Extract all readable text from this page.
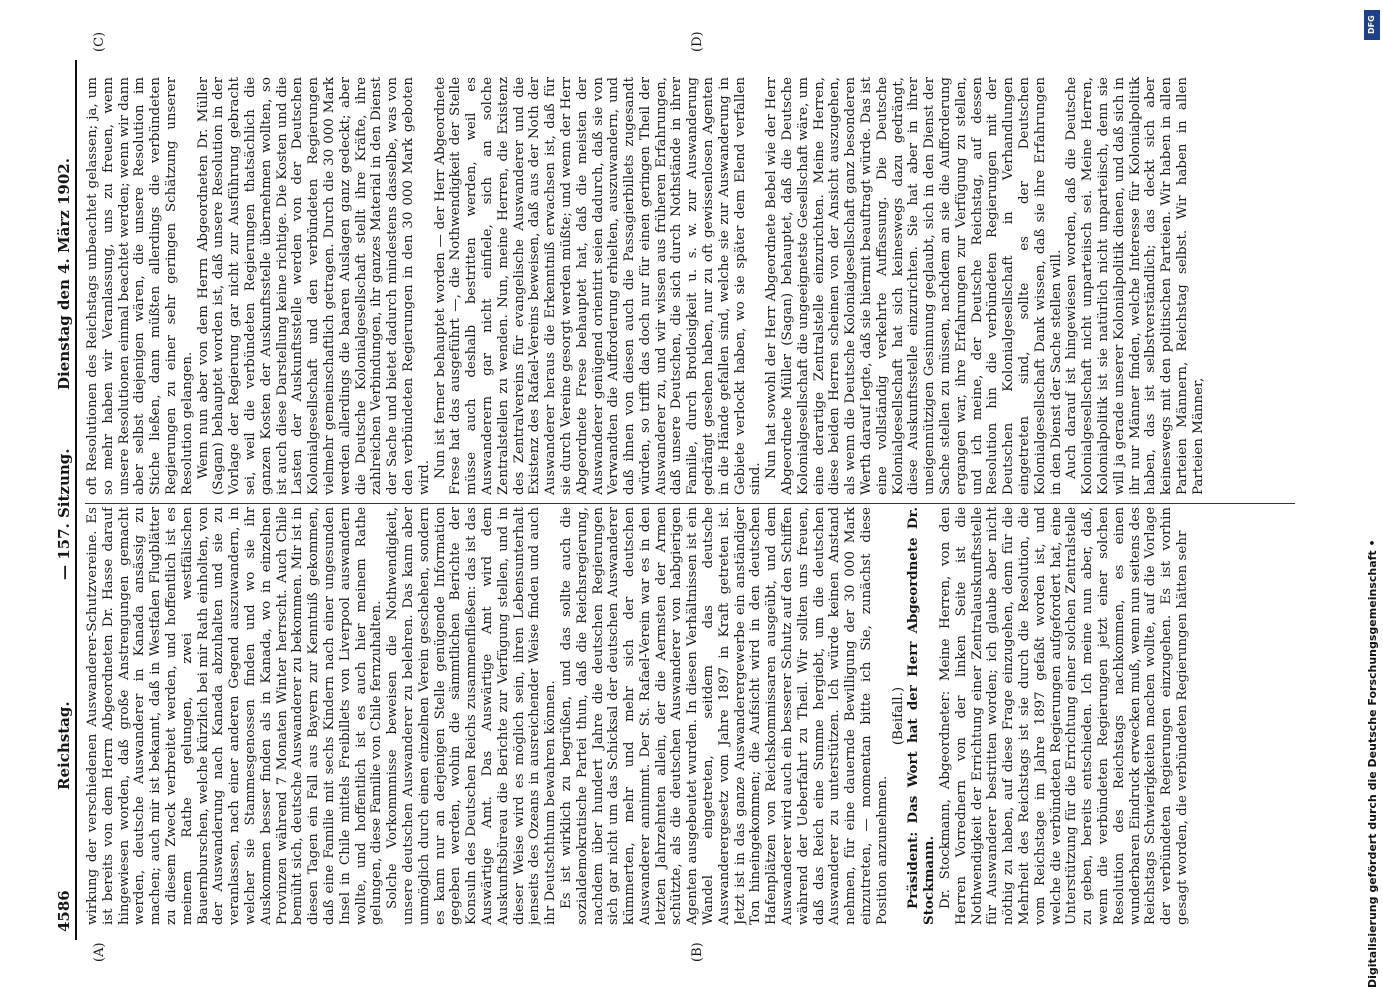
4586
Reichstag.
— 157. Sitzung.
Dienstag den 4. März 1902.
(A)	(B)
(C)	(D)

wirkung der verschiedenen Auswanderer-Schutzvereine. Es ist bereits von dem Herrn Abgeordneten Dr. Hasse darauf hingewiesen worden, daß große Anstrengungen gemacht werden, deutsche Auswanderer in Kanada ansässig zu machen; auch mir ist bekannt, daß in Westfalen Flugblätter zu diesem Zweck verbreitet werden, und hoffentlich ist es meinem Rathe gelungen, zwei westfälischen Bauernburschen, welche kürzlich bei mir Rath einholten, von der Auswanderung nach Kanada abzuhalten und sie zu veranlassen, nach einer anderen Gegend auszuwandern, in welcher sie Stammesgenossen finden und wo sie ihr Auskommen besser finden als in Kanada, wo in einzelnen Provinzen während 7 Monaten Winter herrscht. Auch Chile bemüht sich, deutsche Auswanderer zu bekommen. Mir ist in diesen Tagen ein Fall aus Bayern zur Kenntniß gekommen, daß eine Familie mit sechs Kindern nach einer ungesunden Insel in Chile mittels Freibillets von Liverpool auswandern wollte, und hoffentlich ist es auch hier meinem Rathe gelungen, diese Familie von Chile fernzuhalten. Solche Vorkommnisse beweisen die Nothwendigkeit, unsere deutschen Auswanderer zu belehren. Das kann aber unmöglich durch einen einzelnen Verein geschehen, sondern es kann nur an derjenigen Stelle genügende Information gegeben werden, wohin die sämmtlichen Berichte der Konsuln des Deutschen Reichs zusammenfließen: das ist das Auswärtige Amt. Das Auswärtige Amt wird dem Auskunftsbüreau die Berichte zur Verfügung stellen, und in dieser Weise wird es möglich sein, ihren Lebensunterhalt jenseits des Ozeans in ausreichender Weise finden und auch ihr Deutschthum bewahren können. Es ist wirklich zu begrüßen, und das sollte auch die sozialdemokratische Partei thun, daß die Reichsregierung, nachdem über hundert Jahre die deutschen Regierungen sich gar nicht um das Schicksal der deutschen Auswanderer kümmerten, mehr und mehr sich der deutschen Auswanderer annimmt. Der St. Rafael-Verein war es in den letzten Jahrzehnten allein, der die Aermsten der Armen schützte, als die deutschen Auswanderer von habgierigen Agenten ausgebeutet wurden. In diesen Verhältnissen ist ein Wandel eingetreten, seitdem das deutsche Auswanderergesetz vom Jahre 1897 in Kraft getreten ist. Jetzt ist in das ganze Auswanderergewerbe ein anständiger Ton hineingekommen; die Aufsicht wird in den deutschen Hafenplätzen von Reichskommissaren ausgeübt, und dem Auswanderer wird auch ein besserer Schutz auf den Schiffen während der Ueberfahrt zu Theil. Wir sollten uns freuen, daß das Reich eine Summe hergiebt, um die deutschen Auswanderer zu unterstützen. Ich würde keinen Anstand nehmen, für eine dauernde Bewilligung der 30 000 Mark einzutreten, — momentan bitte ich Sie, zunächst diese Position anzunehmen.

(Beifall.) Präsident: Das Wort hat der Herr Abgeordnete Dr. Stockmann. Dr. Stockmann, Abgeordneter: Meine Herren, von den Herren Vorrednern von der linken Seite ist die Nothwendigkeit der Errichtung einer Zentralauskunftsstelle für Auswanderer bestritten worden; ich glaube aber nicht nöthig zu haben, auf diese Frage einzugehen, denn für die Mehrheit des Reichstags ist sie durch die Resolution, die vom Reichstage im Jahre 1897 gefaßt worden ist, und welche die verbündeten Regierungen aufgefordert hat, eine Unterstützung für die Errichtung einer solchen Zentralstelle zu geben, bereits entschieden. Ich meine nun aber, daß, wenn die verbündeten Regierungen jetzt einer solchen Resolution des Reichstags nachkommen, es einen wunderbaren Eindruck erwecken muß, wenn nun seitens des Reichstags Schwierigkeiten machen wollte, auf die Vorlage der verbündeten Regierungen einzugehen. Es ist vorhin gesagt worden, die verbündeten Regierungen hätten sehr

oft Resolutionen des Reichstags unbeachtet gelassen; ja, um so mehr haben wir Veranlassung, uns zu freuen, wenn unsere Resolutionen einmal beachtet werden; wenn wir dann aber selbst diejenigen wären, die unsere Resolution im Stiche ließen, dann müßten allerdings die verbündeten Regierungen zu einer sehr geringen Schätzung unserer Resolution gelangen. Wenn nun aber von dem Herrn Abgeordneten Dr. Müller (Sagan) behauptet worden ist, daß unsere Resolution in der Vorlage der Regierung gar nicht zur Ausführung gebracht sei, weil die verbündeten Regierungen thatsächlich die ganzen Kosten der Auskunftsstelle übernehmen wollten, so ist auch diese Darstellung keine richtige. Die Kosten und die Lasten der Auskunftsstelle werden von der Deutschen Kolonialgesellschaft und den verbündeten Regierungen vielmehr gemeinschaftlich getragen. Durch die 30 000 Mark werden allerdings die baaren Auslagen ganz gedeckt; aber die Deutsche Kolonialgesellschaft stellt ihre Kräfte, ihre zahlreichen Verbindungen, ihr ganzes Material in den Dienst der Sache und bietet dadurch mindestens dasselbe, was von den verbündeten Regierungen in den 30 000 Mark geboten wird. Nun ist ferner behauptet worden — der Herr Abgeordnete Frese hat das ausgeführt —, die Nothwendigkeit der Stelle müsse auch deshalb bestritten werden, weil es Auswanderern gar nicht einfiele, sich an solche Zentralstellen zu wenden. Nun, meine Herren, die Existenz des Zentralvereins für evangelische Auswanderer und die Existenz des Rafael-Vereins beweisen, daß aus der Noth der Auswanderer heraus die Erkenntniß erwachsen ist, daß für sie durch Vereine gesorgt werden müßte; und wenn der Herr Abgeordnete Frese behauptet hat, daß die meisten der Auswanderer genügend orientirt seien dadurch, daß sie von Verwandten die Aufforderung erhielten, auszuwandern, und daß ihnen von diesen auch die Passagierbillets zugesandt würden, so trifft das doch nur für einen geringen Theil der Auswanderer zu, und wir wissen aus früheren Erfahrungen, daß unsere Deutschen, die sich durch Nothstände in ihrer Familie, durch Brotlosigkeit u. s. w. zur Auswanderung gedrängt gesehen haben, nur zu oft gewissenlosen Agenten in die Hände gefallen sind, welche sie zur Auswanderung in Gebiete verlockt haben, wo sie später dem Elend verfallen sind. Nun hat sowohl der Herr Abgeordnete Bebel wie der Herr Abgeordnete Müller (Sagan) behauptet, daß die Deutsche Kolonialgesellschaft die ungeeignetste Gesellschaft wäre, um eine derartige Zentralstelle einzurichten. Meine Herren, diese beiden Herren scheinen von der Ansicht auszugehen, als wenn die Deutsche Kolonialgesellschaft ganz besonderen Werth darauf legte, daß sie hiermit beauftragt würde. Das ist eine vollständig verkehrte Auffassung. Die Deutsche Kolonialgesellschaft hat sich keineswegs dazu gedrängt, diese Auskunftsstelle einzurichten. Sie hat aber in ihrer uneigennützigen Gesinnung geglaubt, sich in den Dienst der Sache stellen zu müssen, nachdem an sie die Aufforderung ergangen war, ihre Erfahrungen zur Verfügung zu stellen, und ich meine, der Deutsche Reichstag, auf dessen Resolution hin die verbündeten Regierungen mit der Deutschen Kolonialgesellschaft in Verhandlungen eingetreten sind, sollte es der Deutschen Kolonialgesellschaft Dank wissen, daß sie ihre Erfahrungen in den Dienst der Sache stellen will. Auch darauf ist hingewiesen worden, daß die Deutsche Kolonialgesellschaft nicht unparteiisch sei. Meine Herren, Kolonialpolitik ist sie natürlich nicht unparteiisch, denn sie will ja gerade unserer Kolonialpolitik dienen, und daß sich in ihr nur Männer finden, welche Interesse für Kolonialpolitik haben, das ist selbstverständlich; das deckt sich aber keineswegs mit den politischen Parteien. Wir haben in allen Parteien Männern, Reichstag selbst. Wir haben in allen Parteien Männer,

Digitalisierung gefördert durch die Deutsche Forschungsgemeinschaft •
DFG
